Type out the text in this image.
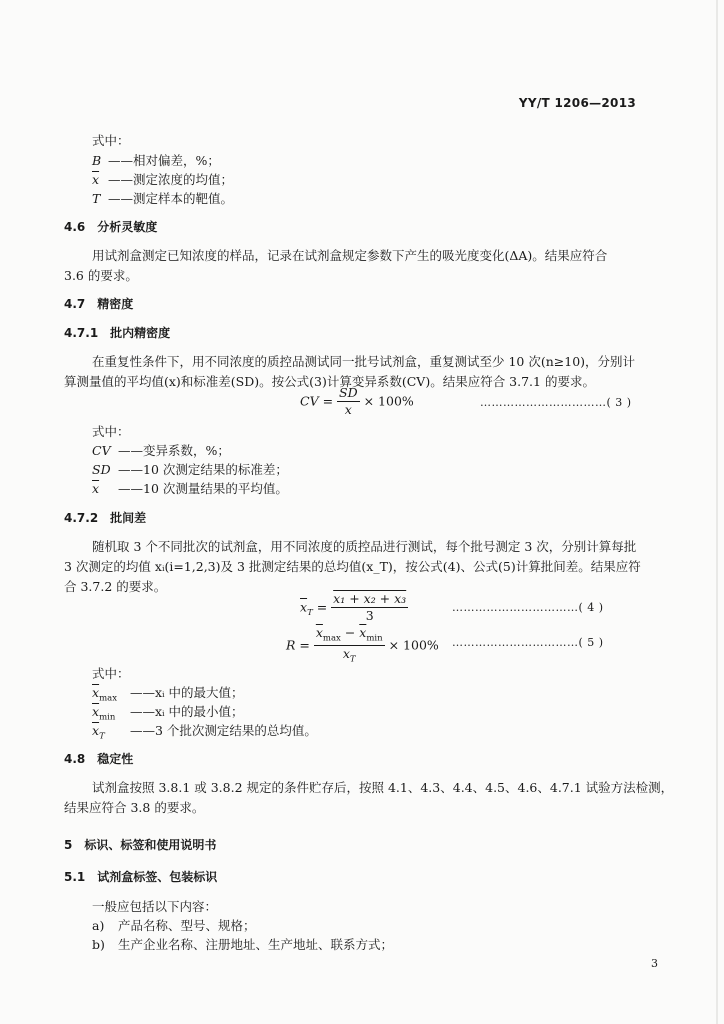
YY/T 1206—2013
式中：
B ——相对偏差，%；
$\overline{x}$ ——测定浓度的均值；
T ——测定样本的靶值。
4.6 分析灵敏度
用试剂盒测定已知浓度的样品，记录在试剂盒规定参数下产生的吸光度变化(ΔA)。结果应符合
3.6 的要求。
4.7 精密度
4.7.1 批内精密度
在重复性条件下，用不同浓度的质控品测试同一批号试剂盒，重复测试至少 10 次(n≥10)，分别计
算测量值的平均值(x)和标准差(SD)。按公式(3)计算变异系数(CV)。结果应符合 3.7.1 的要求。
CV = $\frac{SD}{x} \times 100\%$	……………………………( 3 )
式中：
CV ——变异系数，%；
SD ——10 次测定结果的标准差；
$\overline{x}$ ——10 次测量结果的平均值。
4.7.2 批间差
随机取 3 个不同批次的试剂盒，用不同浓度的质控品进行测试，每个批号测定 3 次，分别计算每批
3 次测定的均值 xᵢ(i=1,2,3)及 3 批测定结果的总均值(x_T)，按公式(4)、公式(5)计算批间差。结果应符
合 3.7.2 的要求。
$\overline{x}_T = \frac{\text{x₁ + x₂ + x₃}}{3}$	……………………………( 4 )
$R = \frac{\overline{x}_{max} - \overline{x}_{min}}{\overline{x}_T} \times 100\%$ ……………………………( 5 )
式中：
$\overline{x}_{max}$ ——xᵢ 中的最大值；
$\overline{x}_{min}$ ——xᵢ 中的最小值；
$\overline{x}_T$ ——3 个批次测定结果的总均值。
4.8 稳定性
试剂盒按照 3.8.1 或 3.8.2 规定的条件贮存后，按照 4.1、4.3、4.4、4.5、4.6、4.7.1 试验方法检测，
结果应符合 3.8 的要求。
5 标识、标签和使用说明书
5.1 试剂盒标签、包装标识
一般应包括以下内容：
a) 产品名称、型号、规格；
b) 生产企业名称、注册地址、生产地址、联系方式；
3
